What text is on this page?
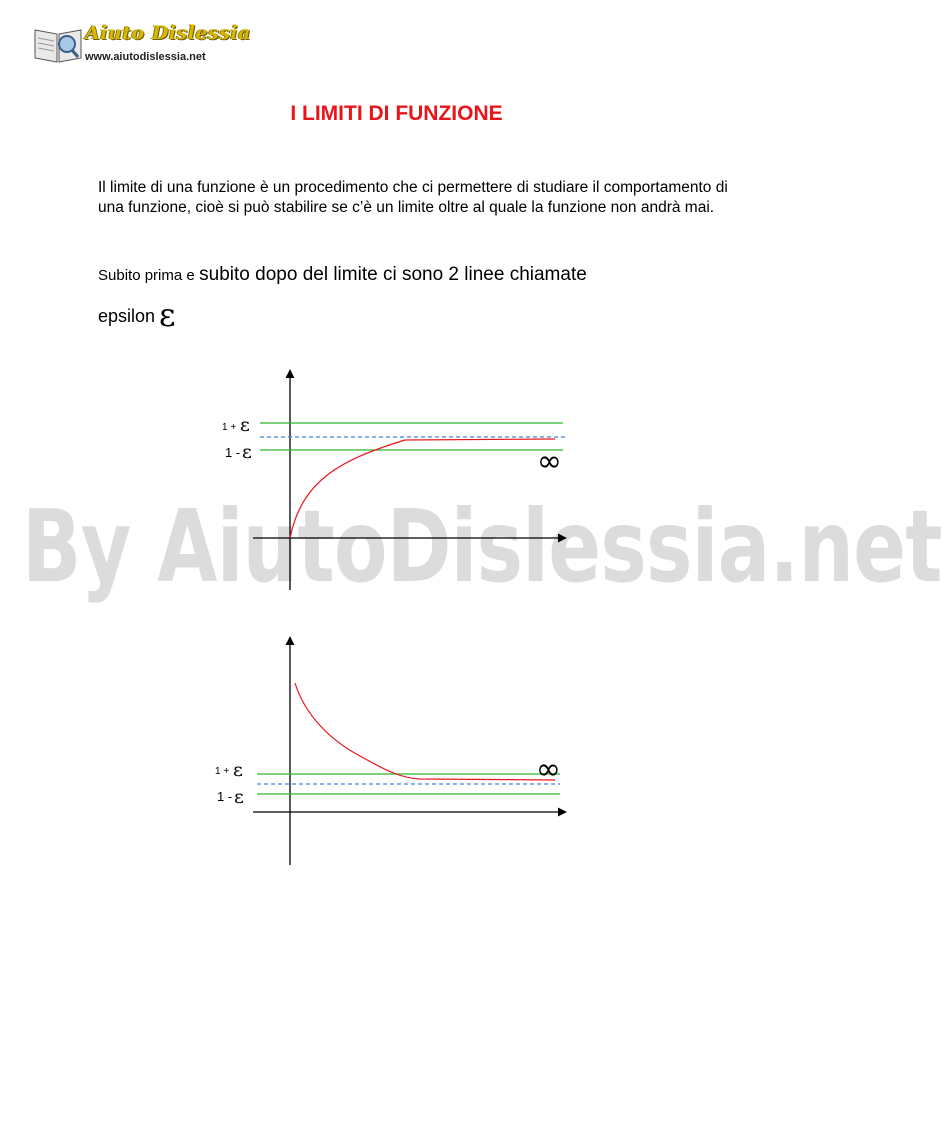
Aiuto Dislessia
www.aiutodislessia.net
I LIMITI DI FUNZIONE

Il limite di una funzione è un procedimento che ci permettere di studiare il comportamento di una funzione, cioè si può stabilire se c’è un limite oltre al quale la funzione non andrà mai.

Subito prima e subito dopo del limite ci sono 2 linee chiamate
epsilon ε
By AiutoDislessia.net
1 + ε
1 - ε	∞
1 + ε
1 - ε
∞
